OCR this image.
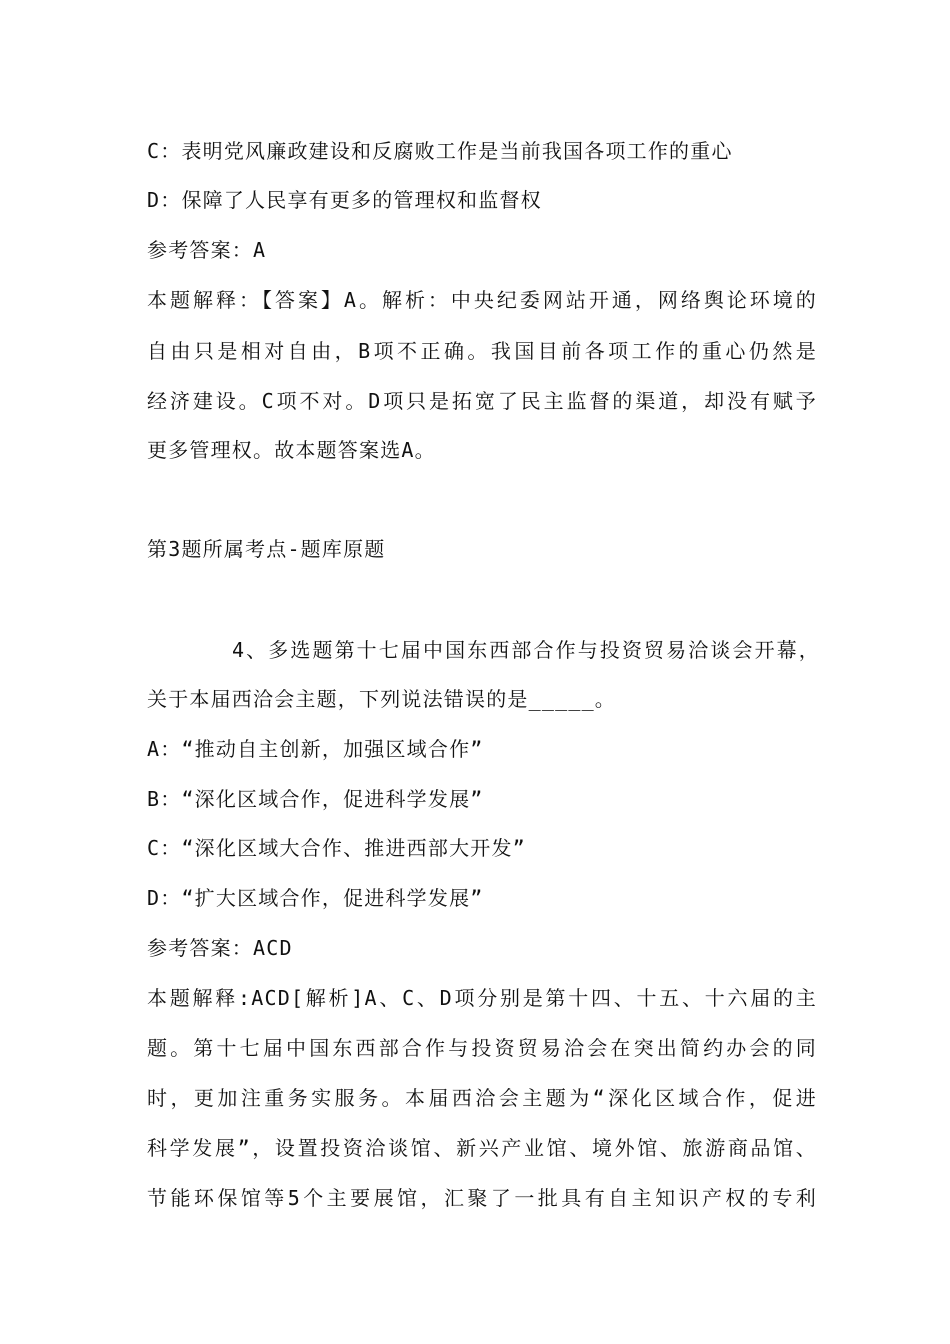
C：表明党风廉政建设和反腐败工作是当前我国各项工作的重心
D：保障了人民享有更多的管理权和监督权
参考答案：A
本题解释：【答案】A。解析：中央纪委网站开通，网络舆论环境的
自由只是相对自由，B项不正确。我国目前各项工作的重心仍然是
经济建设。C项不对。D项只是拓宽了民主监督的渠道，却没有赋予
更多管理权。故本题答案选A。
第3题所属考点-题库原题
4、多选题第十七届中国东西部合作与投资贸易洽谈会开幕，
关于本届西洽会主题，下列说法错误的是_____。
A：“推动自主创新，加强区域合作”
B：“深化区域合作，促进科学发展”
C：“深化区域大合作、推进西部大开发”
D：“扩大区域合作，促进科学发展”
参考答案：ACD
本题解释:ACD[解析]A、C、D项分别是第十四、十五、十六届的主
题。第十七届中国东西部合作与投资贸易洽会在突出简约办会的同
时，更加注重务实服务。本届西洽会主题为“深化区域合作，促进
科学发展”，设置投资洽谈馆、新兴产业馆、境外馆、旅游商品馆、
节能环保馆等5个主要展馆，汇聚了一批具有自主知识产权的专利
